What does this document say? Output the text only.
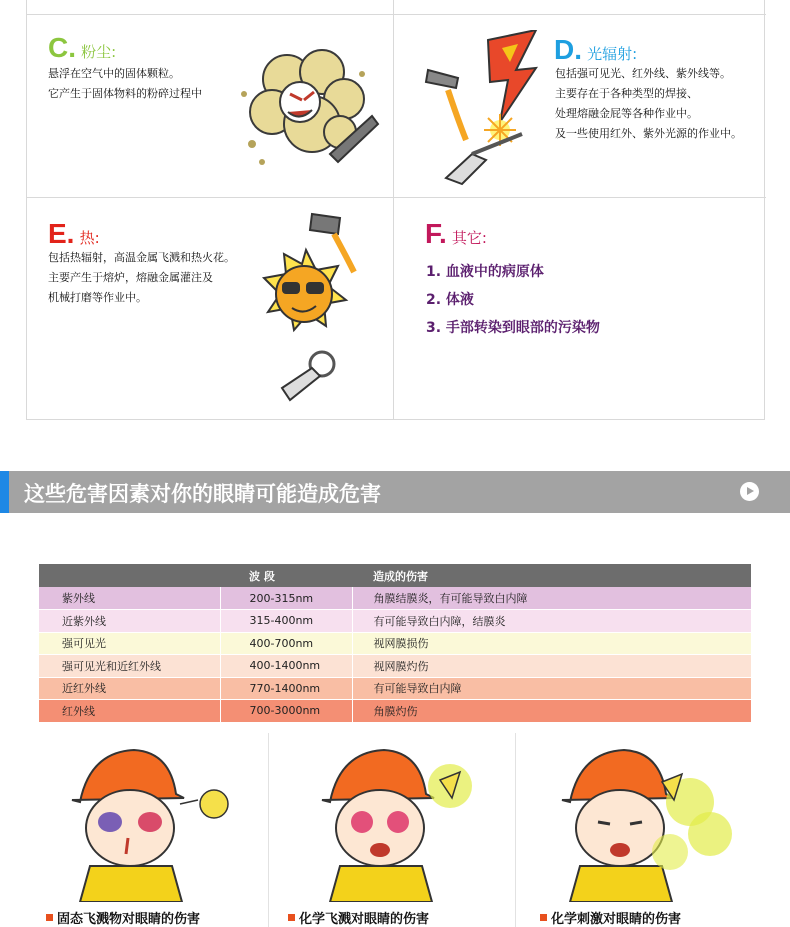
C. 粉尘:
悬浮在空气中的固体颗粒。
它产生于固体物料的粉碎过程中
D. 光辐射:
包括强可见光、红外线、紫外线等。
主要存在于各种类型的焊接、
处理熔融金屁等各种作业中。
及一些使用红外、紫外光源的作业中。
E. 热:
包括热辐射，高温金属飞溅和热火花。
主要产生于熔炉，熔融金属灌注及
机械打磨等作业中。
F. 其它:
1. 血液中的病原体
2. 体液
3. 手部转染到眼部的污染物
这些危害因素对你的眼睛可能造成危害
	波 段	造成的伤害
紫外线	200-315nm	角膜结膜炎，有可能导致白内障
近紫外线	315-400nm	有可能导致白内障，结膜炎
强可见光	400-700nm	视网膜损伤
强可见光和近红外线	400-1400nm	视网膜灼伤
近红外线	770-1400nm	有可能导致白内障
红外线	700-3000nm	角膜灼伤
固态飞溅物对眼睛的伤害	化学飞溅对眼睛的伤害	化学刺激对眼睛的伤害
